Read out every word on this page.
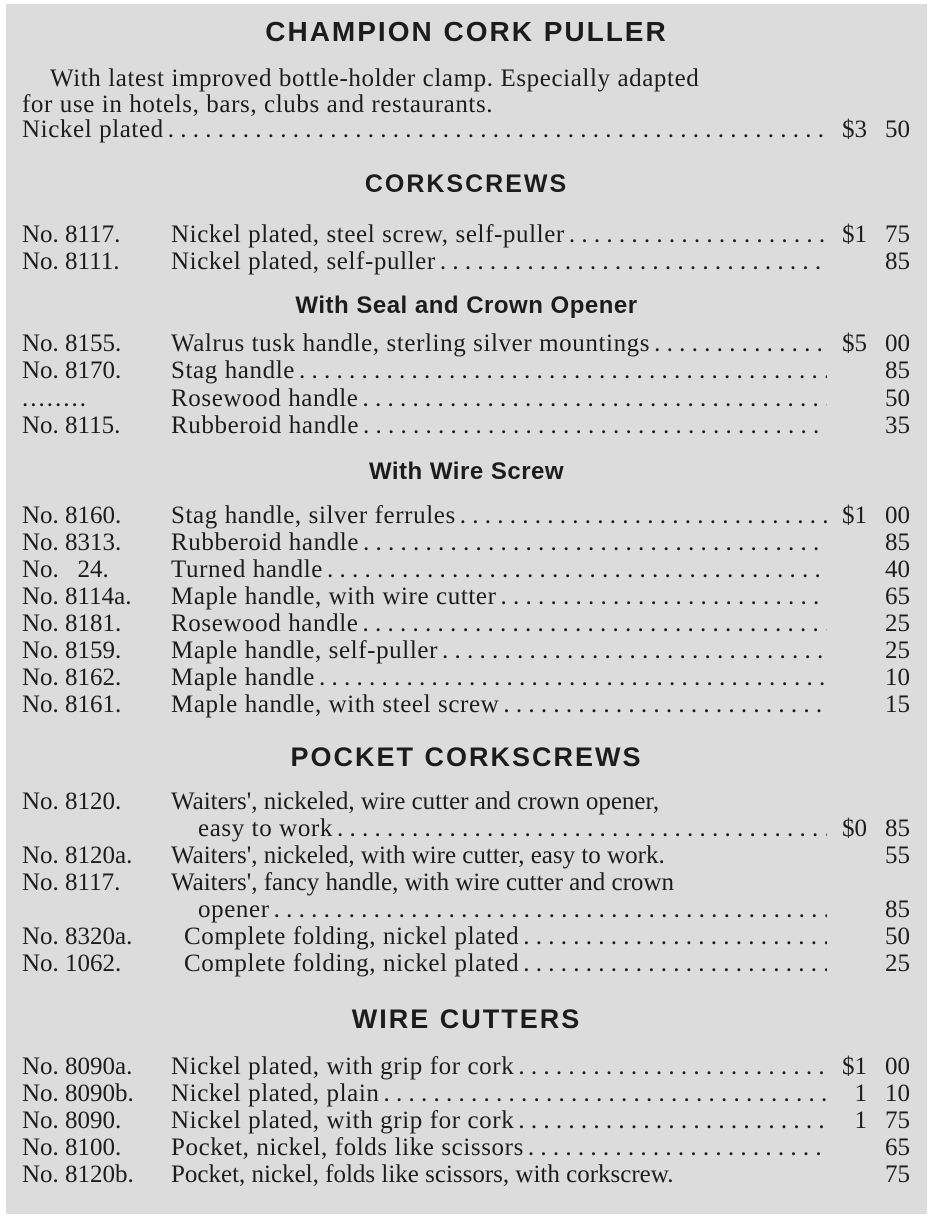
CHAMPION CORK PULLER
With latest improved bottle-holder clamp. Especially adapted
for use in hotels, bars, clubs and restaurants.
Nickel plated . . .	$3 50
CORKSCREWS
No. 8117. Nickel plated, steel screw, self-puller . . .	$1 75
No. 8111. Nickel plated, self-puller . . .	85
With Seal and Crown Opener
No. 8155. Walrus tusk handle, sterling silver mountings . . .	$5 00
No. 8170. Stag handle . . .	85
........	Rosewood handle . . .	50
No. 8115. Rubberoid handle . . .	35
With Wire Screw
No. 8160. Stag handle, silver ferrules . . .	$1 00
No. 8313. Rubberoid handle . . .	85
No.   24. Turned handle . . .	40
No. 8114a. Maple handle, with wire cutter . . .	65
No. 8181. Rosewood handle . . .	25
No. 8159. Maple handle, self-puller . . .	25
No. 8162. Maple handle . . .	10
No. 8161. Maple handle, with steel screw . . .	15
POCKET CORKSCREWS
No. 8120. Waiters', nickeled, wire cutter and crown opener,
easy to work . . .	$0 85
No. 8120a. Waiters', nickeled, with wire cutter, easy to work.	55
No. 8117. Waiters', fancy handle, with wire cutter and crown
opener . . .	85
No. 8320a. Complete folding, nickel plated . . .	50
No. 1062.	Complete folding, nickel plated . . .	25
WIRE CUTTERS
No. 8090a. Nickel plated, with grip for cork . . .	$1 00
No. 8090b. Nickel plated, plain . . .	1 10
No. 8090. Nickel plated, with grip for cork . . .	1 75
No. 8100. Pocket, nickel, folds like scissors . . .	65
No. 8120b. Pocket, nickel, folds like scissors, with corkscrew.	75
